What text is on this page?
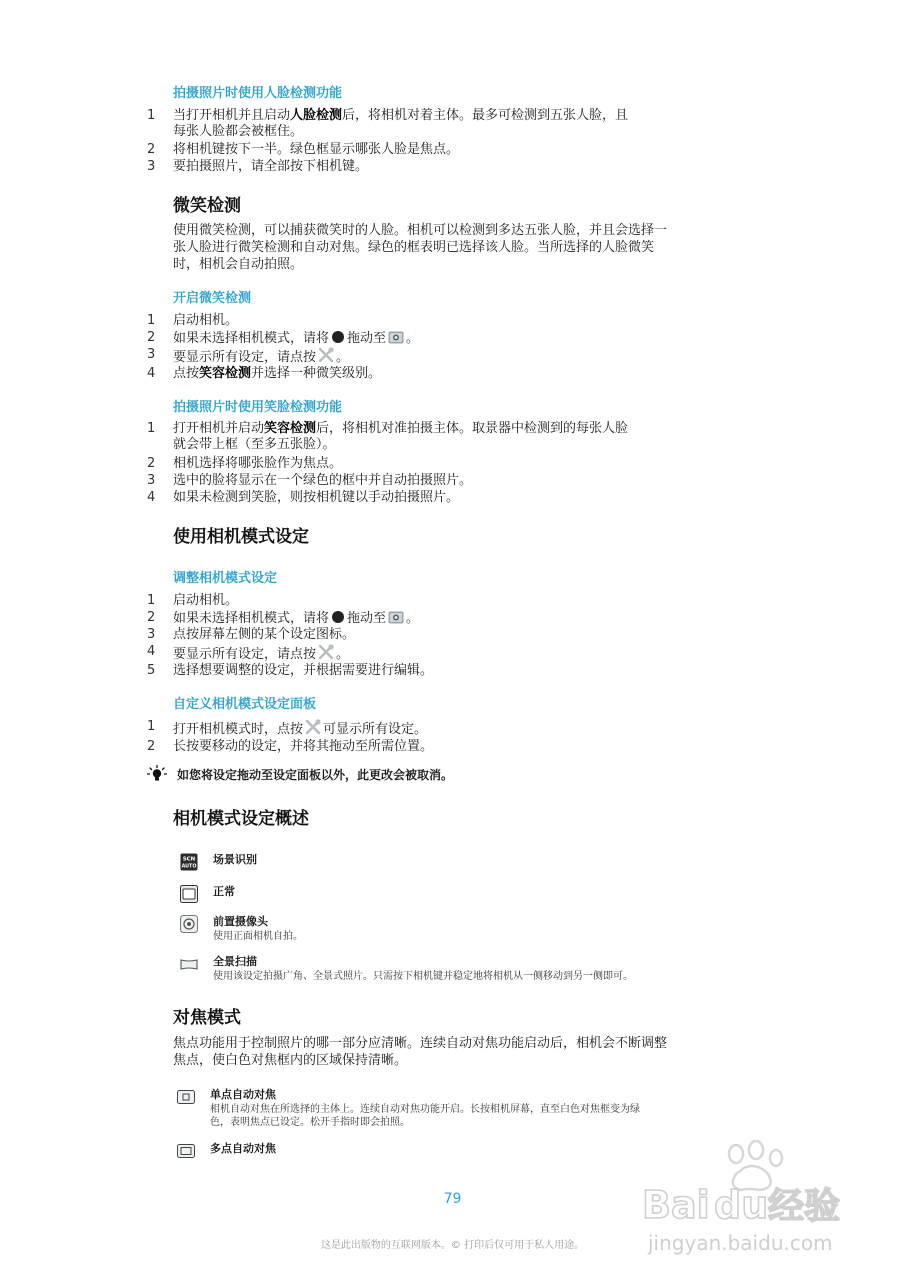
拍摄照片时使用人脸检测功能
1	当打开相机并且启动人脸检测后，将相机对着主体。最多可检测到五张人脸，且
每张人脸都会被框住。
2	将相机键按下一半。绿色框显示哪张人脸是焦点。
3	要拍摄照片，请全部按下相机键。
微笑检测
使用微笑检测，可以捕获微笑时的人脸。相机可以检测到多达五张人脸，并且会选择一
张人脸进行微笑检测和自动对焦。绿色的框表明已选择该人脸。当所选择的人脸微笑
时，相机会自动拍照。
开启微笑检测
1	启动相机。
2	如果未选择相机模式，请将 拖动至 。
3	要显示所有设定，请点按 。
4	点按笑容检测并选择一种微笑级别。
拍摄照片时使用笑脸检测功能
1	打开相机并启动笑容检测后，将相机对准拍摄主体。取景器中检测到的每张人脸
就会带上框（至多五张脸）。
2	相机选择将哪张脸作为焦点。
3	选中的脸将显示在一个绿色的框中并自动拍摄照片。
4	如果未检测到笑脸，则按相机键以手动拍摄照片。
使用相机模式设定
调整相机模式设定
1	启动相机。
2	如果未选择相机模式，请将 拖动至 。
3	点按屏幕左侧的某个设定图标。
4	要显示所有设定，请点按 。
5	选择想要调整的设定，并根据需要进行编辑。
自定义相机模式设定面板
1	打开相机模式时，点按 可显示所有设定。
2	长按要移动的设定，并将其拖动至所需位置。
如您将设定拖动至设定面板以外，此更改会被取消。
相机模式设定概述
SCN
AUTO
场景识别
正常
前置摄像头
使用正面相机自拍。
全景扫描
使用该设定拍摄广角、全景式照片。只需按下相机键并稳定地将相机从一侧移动到另一侧即可。
对焦模式
焦点功能用于控制照片的哪一部分应清晰。连续自动对焦功能启动后，相机会不断调整
焦点，使白色对焦框内的区域保持清晰。
单点自动对焦
相机自动对焦在所选择的主体上。连续自动对焦功能开启。长按相机屏幕，直至白色对焦框变为绿
色，表明焦点已设定。松开手指时即会拍照。
多点自动对焦
79
这是此出版物的互联网版本。© 打印后仅可用于私人用途。
Bai du 经验
jingyan.baidu.com
